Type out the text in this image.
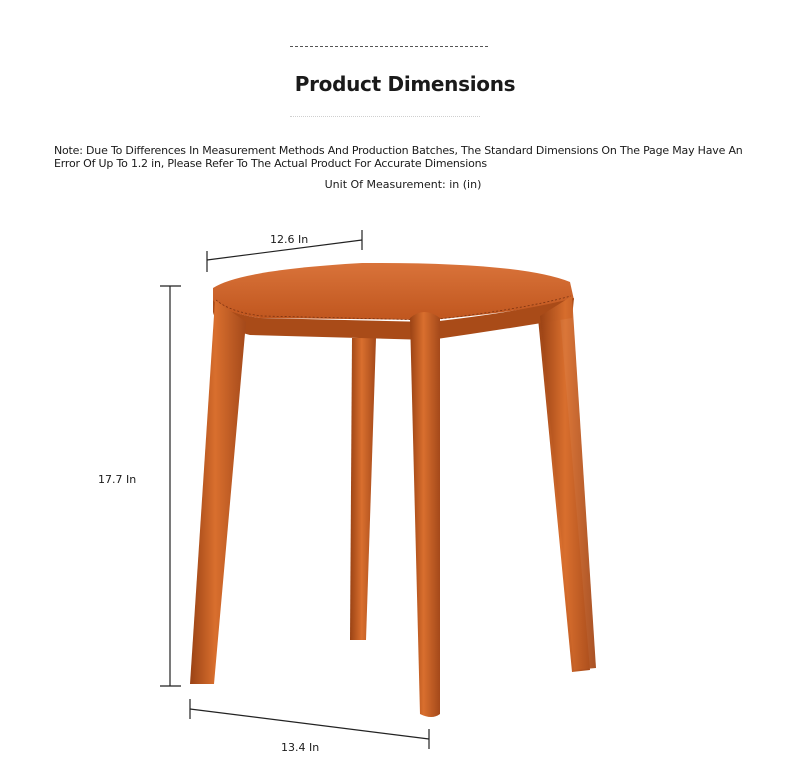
Product Dimensions
Note: Due To Differences In Measurement Methods And Production Batches, The Standard Dimensions On The Page May Have An Error Of Up To 1.2 in, Please Refer To The Actual Product For Accurate Dimensions
Unit Of Measurement: in (in)
12.6 In
17.7 In
13.4 In
